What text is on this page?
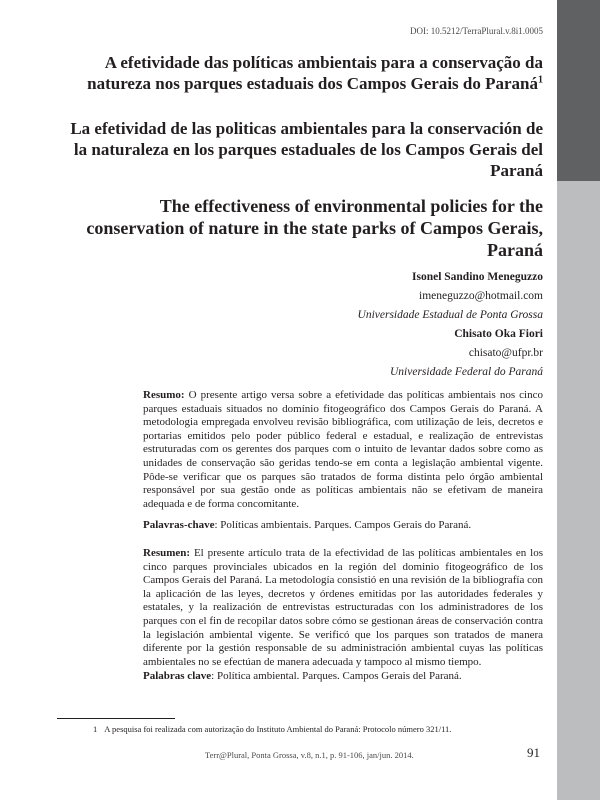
DOI: 10.5212/TerraPlural.v.8i1.0005
A efetividade das políticas ambientais para a conservação da natureza nos parques estaduais dos Campos Gerais do Paraná$^1$
La efetividad de las politicas ambientales para la conservación de la naturaleza en los parques estaduales de los Campos Gerais del Paraná
The effectiveness of environmental policies for the conservation of nature in the state parks of Campos Gerais, Paraná
Isonel Sandino Meneguzzo
imeneguzzo@hotmail.com
Universidade Estadual de Ponta Grossa
Chisato Oka Fiori
chisato@ufpr.br
Universidade Federal do Paraná
Resumo: O presente artigo versa sobre a efetividade das políticas ambientais nos cinco parques estaduais situados no domínio fitogeográfico dos Campos Gerais do Paraná. A metodologia empregada envolveu revisão bibliográfica, com utilização de leis, decretos e portarias emitidos pelo poder público federal e estadual, e realização de entrevistas estruturadas com os gerentes dos parques com o intuito de levantar dados sobre como as unidades de conservação são geridas tendo-se em conta a legislação ambiental vigente. Pôde-se verificar que os parques são tratados de forma distinta pelo órgão ambiental responsável por sua gestão onde as políticas ambientais não se efetivam de maneira adequada e de forma concomitante.
Palavras-chave: Políticas ambientais. Parques. Campos Gerais do Paraná.
Resumen: El presente artículo trata de la efectividad de las políticas ambientales en los cinco parques provinciales ubicados en la región del dominio fitogeográfico de los Campos Gerais del Paraná. La metodología consistió en una revisión de la bibliografía con la aplicación de las leyes, decretos y órdenes emitidas por las autoridades federales y estatales, y la realización de entrevistas estructuradas con los administradores de los parques con el fin de recopilar datos sobre cómo se gestionan áreas de conservación contra la legislación ambiental vigente. Se verificó que los parques son tratados de manera diferente por la gestión responsable de su administración ambiental cuyas las políticas ambientales no se efectúan de manera adecuada y tampoco al mismo tiempo.
Palabras clave: Política ambiental. Parques. Campos Gerais del Paraná.
1 A pesquisa foi realizada com autorização do Instituto Ambiental do Paraná: Protocolo número 321/11.
Terr@Plural, Ponta Grossa, v.8, n.1, p. 91-106, jan/jun. 2014.	91
